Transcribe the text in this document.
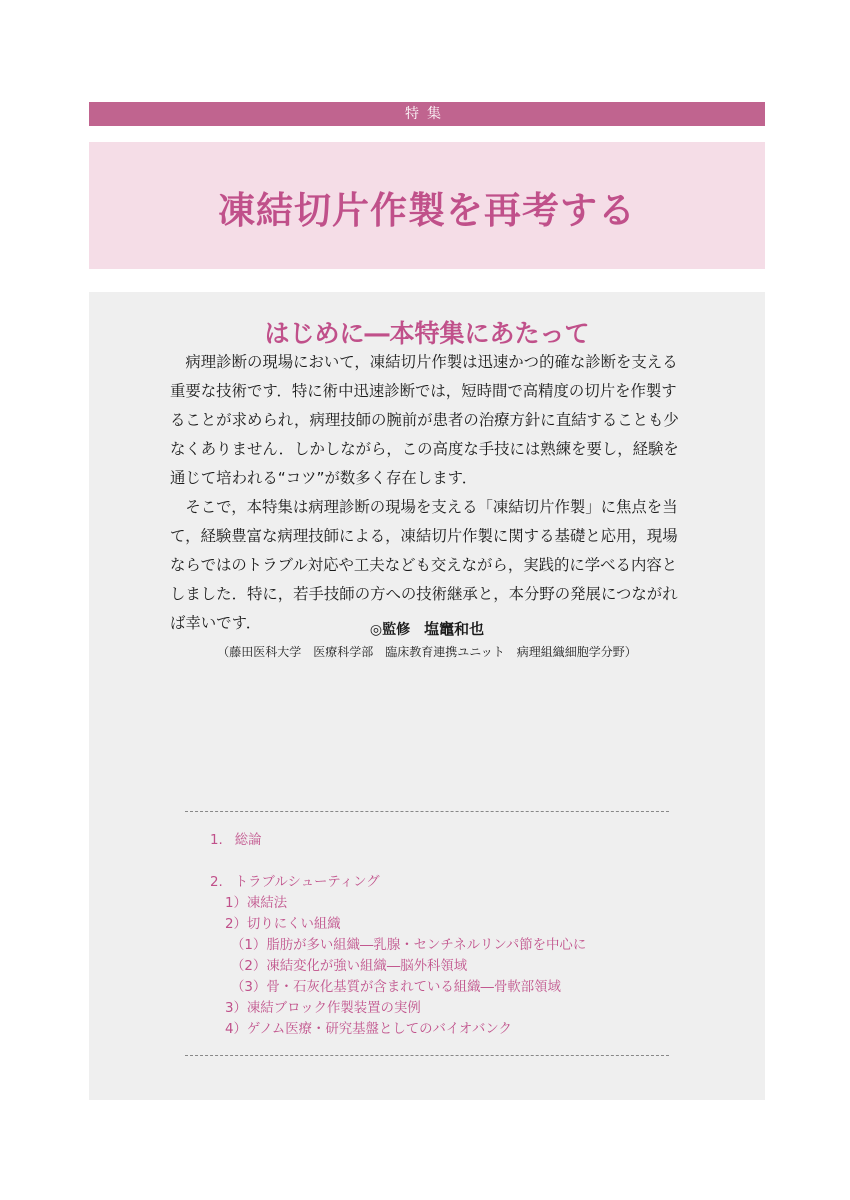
特集
凍結切片作製を再考する
はじめに―本特集にあたって

病理診断の現場において，凍結切片作製は迅速かつ的確な診断を支える重要な技術です．特に術中迅速診断では，短時間で高精度の切片を作製することが求められ，病理技師の腕前が患者の治療方針に直結することも少なくありません．しかしながら，この高度な手技には熟練を要し，経験を通じて培われる“コツ”が数多く存在します．

そこで，本特集は病理診断の現場を支える「凍結切片作製」に焦点を当て，経験豊富な病理技師による，凍結切片作製に関する基礎と応用，現場ならではのトラブル対応や工夫なども交えながら，実践的に学べる内容としました．特に，若手技師の方への技術継承と，本分野の発展につながれば幸いです．	◎監修 塩竈和也
（藤田医科大学　医療科学部　臨床教育連携ユニット　病理組織細胞学分野）
1. 総論
2. トラブルシューティング
1）凍結法
2）切りにくい組織
（1）脂肪が多い組織―乳腺・センチネルリンパ節を中心に
（2）凍結変化が強い組織―脳外科領域
（3）骨・石灰化基質が含まれている組織―骨軟部領域
3）凍結ブロック作製装置の実例
4）ゲノム医療・研究基盤としてのバイオバンク
